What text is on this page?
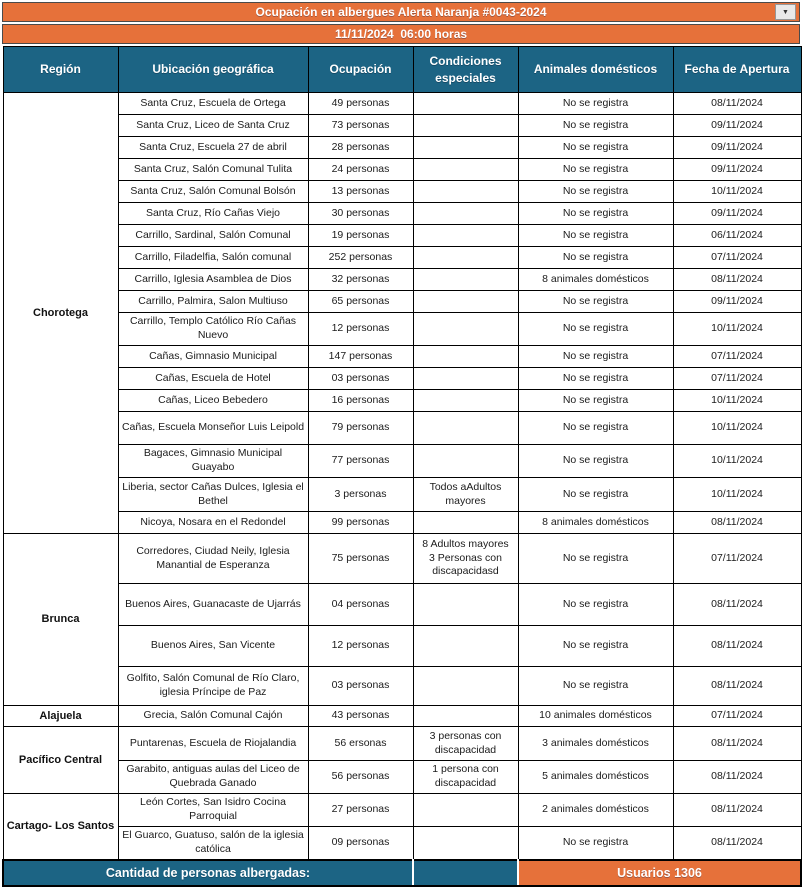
Ocupación en albergues Alerta Naranja #0043-2024	▼
11/11/2024  06:00 horas
Región	Ubicación geográfica	Ocupación	Condiciones especiales	Animales domésticos	Fecha de Apertura
Chorotega	Santa Cruz, Escuela de Ortega	49 personas		No se registra	08/11/2024
	Santa Cruz, Liceo de Santa Cruz	73 personas		No se registra	09/11/2024
	Santa Cruz, Escuela 27 de abril	28 personas		No se registra	09/11/2024
	Santa Cruz, Salón Comunal Tulita	24 personas		No se registra	09/11/2024
	Santa Cruz, Salón Comunal Bolsón	13 personas		No se registra	10/11/2024
	Santa Cruz, Río Cañas Viejo	30 personas		No se registra	09/11/2024
	Carrillo, Sardinal, Salón Comunal	19 personas		No se registra	06/11/2024
	Carrillo, Filadelfia, Salón comunal	252 personas		No se registra	07/11/2024
	Carrillo, Iglesia Asamblea de Dios	32 personas		8 animales domésticos	08/11/2024
	Carrillo, Palmira, Salon Multiuso	65 personas		No se registra	09/11/2024
	Carrillo, Templo Católico Río Cañas Nuevo	12 personas		No se registra	10/11/2024
	Cañas, Gimnasio Municipal	147 personas		No se registra	07/11/2024
	Cañas, Escuela de Hotel	03 personas		No se registra	07/11/2024
	Cañas, Liceo Bebedero	16 personas		No se registra	10/11/2024
	Cañas, Escuela Monseñor Luis Leipold	79 personas		No se registra	10/11/2024
	Bagaces, Gimnasio Municipal Guayabo	77 personas		No se registra	10/11/2024
	Liberia, sector Cañas Dulces, Iglesia el Bethel	3 personas	Todos aAdultos mayores	No se registra	10/11/2024
	Nicoya, Nosara en el Redondel	99 personas		8 animales domésticos	08/11/2024
Brunca	Corredores, Ciudad Neily, Iglesia Manantial de Esperanza	75 personas	8 Adultos mayores  3 Personas con discapacidasd	No se registra	07/11/2024
	Buenos Aires, Guanacaste de Ujarrás	04 personas		No se registra	08/11/2024
	Buenos Aires, San Vicente	12 personas		No se registra	08/11/2024
	Golfito, Salón Comunal de Río Claro, iglesia Príncipe de Paz	03 personas		No se registra	08/11/2024
Alajuela	Grecia, Salón Comunal Cajón	43 personas		10 animales domésticos	07/11/2024
Pacífico Central	Puntarenas, Escuela de Riojalandia	56 ersonas	3 personas con discapacidad	3 animales domésticos	08/11/2024
	Garabito, antiguas aulas del Liceo de Quebrada Ganado	56 personas	1 persona con discapacidad	5 animales domésticos	08/11/2024
Cartago- Los Santos	León Cortes, San Isidro Cocina Parroquial	27 personas		2 animales domésticos	08/11/2024
	El Guarco, Guatuso, salón de la iglesia católica	09 personas		No se registra	08/11/2024
Cantidad de personas albergadas:				Usuarios 1306	
